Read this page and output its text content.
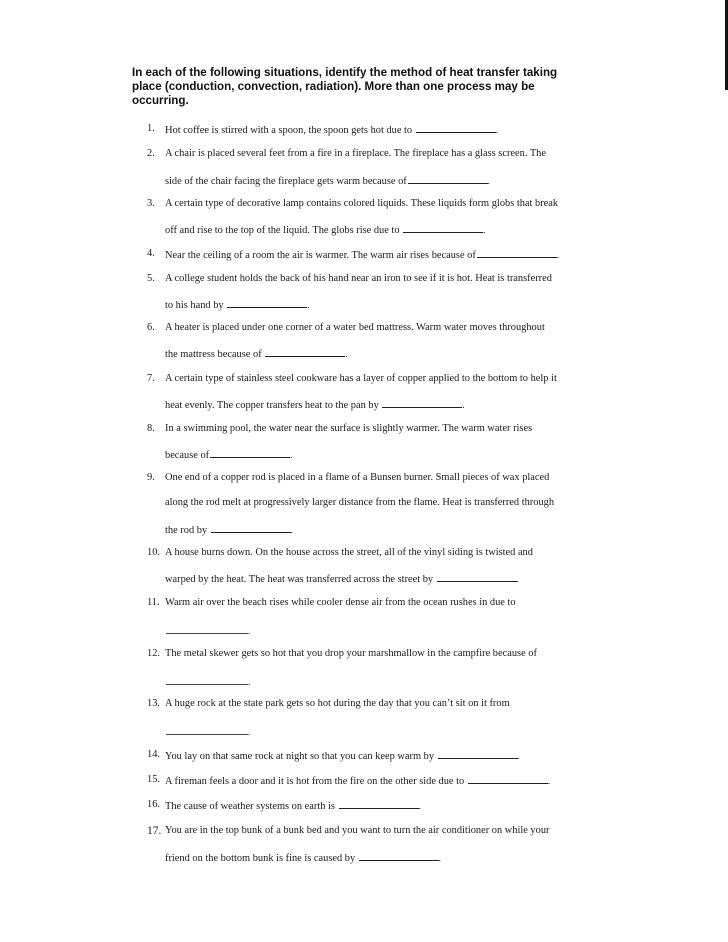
In each of the following situations, identify the method of heat transfer taking place (conduction, convection, radiation). More than one process may be occurring.
1. Hot coffee is stirred with a spoon, the spoon gets hot due to	.
2. A chair is placed several feet from a fire in a fireplace. The fireplace has a glass screen. The
side of the chair facing the fireplace gets warm because of	.
3. A certain type of decorative lamp contains colored liquids. These liquids form globs that break
off and rise to the top of the liquid. The globs rise due to	.
4. Near the ceiling of a room the air is warmer. The warm air rises because of	.
5. A college student holds the back of his hand near an iron to see if it is hot. Heat is transferred
to his hand by	.
6. A heater is placed under one corner of a water bed mattress. Warm water moves throughout
the mattress because of	.
7. A certain type of stainless steel cookware has a layer of copper applied to the bottom to help it
heat evenly. The copper transfers heat to the pan by	.
8. In a swimming pool, the water near the surface is slightly warmer. The warm water rises
because of	.
9. One end of a copper rod is placed in a flame of a Bunsen burner. Small pieces of wax placed
along the rod melt at progressively larger distance from the flame. Heat is transferred through
the rod by	.
10. A house burns down. On the house across the street, all of the vinyl siding is twisted and
warped by the heat. The heat was transferred across the street by	.
11. Warm air over the beach rises while cooler dense air from the ocean rushes in due to
.
12. The metal skewer gets so hot that you drop your marshmallow in the campfire because of
.
13. A huge rock at the state park gets so hot during the day that you can’t sit on it from
.
14. You lay on that same rock at night so that you can keep warm by	.
15. A fireman feels a door and it is hot from the fire on the other side due to	.
16. The cause of weather systems on earth is	.
17. You are in the top bunk of a bunk bed and you want to turn the air conditioner on while your
friend on the bottom bunk is fine is caused by	.
